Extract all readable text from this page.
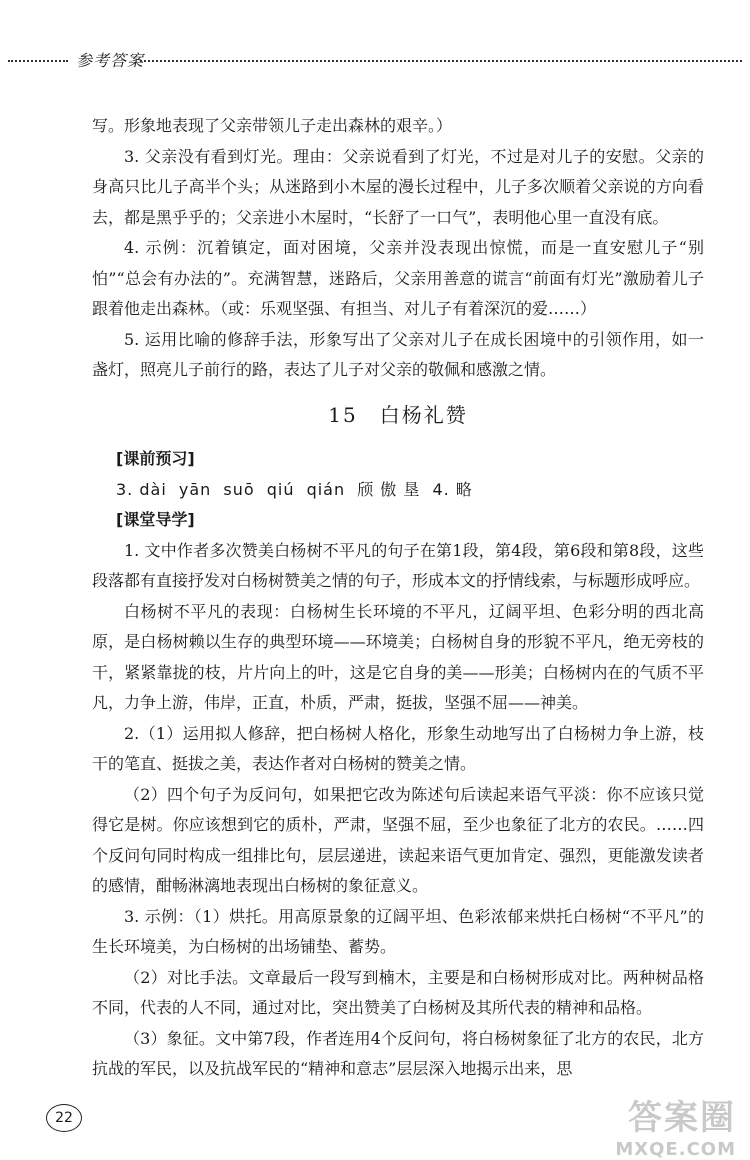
参考答案

写。形象地表现了父亲带领儿子走出森林的艰辛。）

3. 父亲没有看到灯光。理由：父亲说看到了灯光，不过是对儿子的安慰。父亲的身高只比儿子高半个头；从迷路到小木屋的漫长过程中，儿子多次顺着父亲说的方向看去，都是黑乎乎的；父亲进小木屋时，“长舒了一口气”，表明他心里一直没有底。

4. 示例：沉着镇定，面对困境，父亲并没表现出惊慌，而是一直安慰儿子“别怕”“总会有办法的”。充满智慧，迷路后，父亲用善意的谎言“前面有灯光”激励着儿子跟着他走出森林。（或：乐观坚强、有担当、对儿子有着深沉的爱……）

5. 运用比喻的修辞手法，形象写出了父亲对儿子在成长困境中的引领作用，如一盏灯，照亮儿子前行的路，表达了儿子对父亲的敬佩和感激之情。

15 白杨礼赞

[课前预习]

3. dài yān suō qiú qián 颀 傲 垦 4. 略

[课堂导学]

1. 文中作者多次赞美白杨树不平凡的句子在第1段，第4段，第6段和第8段，这些段落都有直接抒发对白杨树赞美之情的句子，形成本文的抒情线索，与标题形成呼应。

白杨树不平凡的表现：白杨树生长环境的不平凡，辽阔平坦、色彩分明的西北高原，是白杨树赖以生存的典型环境——环境美；白杨树自身的形貌不平凡，绝无旁枝的干，紧紧靠拢的枝，片片向上的叶，这是它自身的美——形美；白杨树内在的气质不平凡，力争上游，伟岸，正直，朴质，严肃，挺拔，坚强不屈——神美。

2.（1）运用拟人修辞，把白杨树人格化，形象生动地写出了白杨树力争上游，枝干的笔直、挺拔之美，表达作者对白杨树的赞美之情。

（2）四个句子为反问句，如果把它改为陈述句后读起来语气平淡：你不应该只觉得它是树。你应该想到它的质朴，严肃，坚强不屈，至少也象征了北方的农民。……四个反问句同时构成一组排比句，层层递进，读起来语气更加肯定、强烈，更能激发读者的感情，酣畅淋漓地表现出白杨树的象征意义。

3. 示例：（1）烘托。用高原景象的辽阔平坦、色彩浓郁来烘托白杨树“不平凡”的生长环境美，为白杨树的出场铺垫、蓄势。

（2）对比手法。文章最后一段写到楠木，主要是和白杨树形成对比。两种树品格不同，代表的人不同，通过对比，突出赞美了白杨树及其所代表的精神和品格。

（3）象征。文中第7段，作者连用4个反问句，将白杨树象征了北方的农民，北方抗战的军民，以及抗战军民的“精神和意志”层层深入地揭示出来，思

22	答案圈
MXQE.COM
